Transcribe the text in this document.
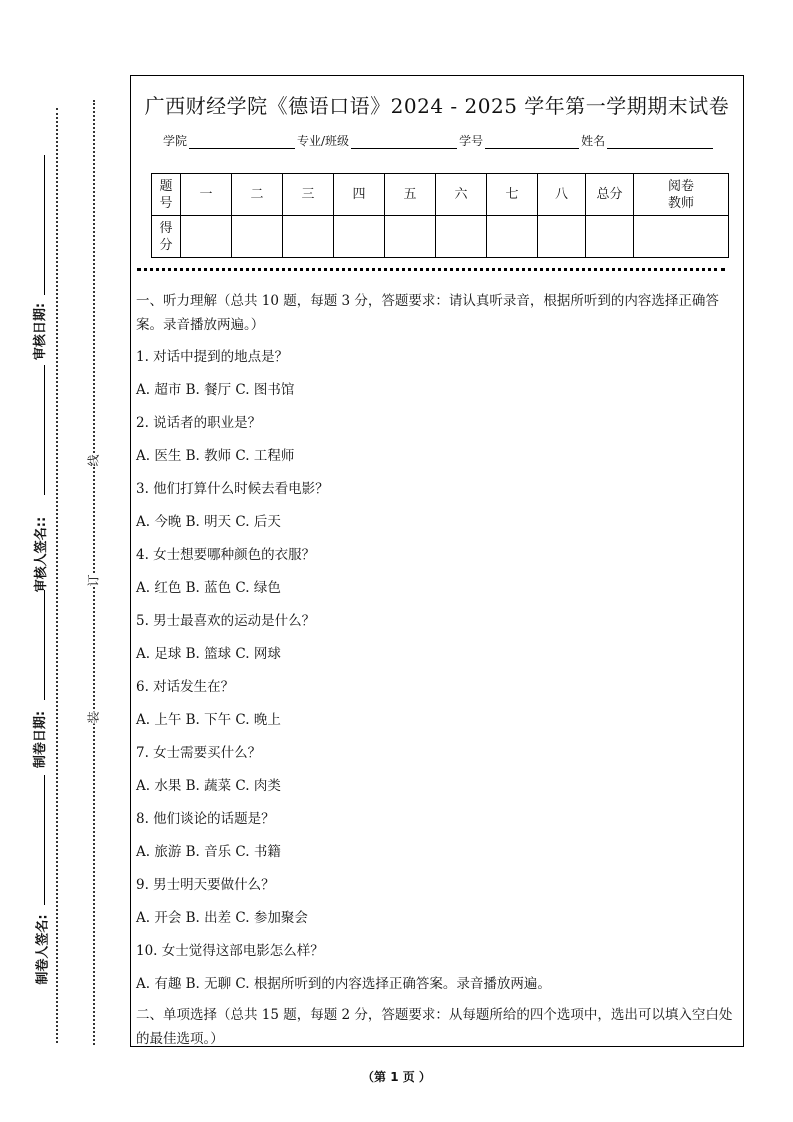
审核日期:
审核人签名::
制卷日期:
制卷人签名:
线
订
装
广西财经学院《德语口语》2024 - 2025 学年第一学期期末试卷
学院	专业/班级	学号	姓名
题
号	一	二	三	四	五	六	七	八	总分	阅卷
教师
得
分										

一、听力理解（总共 10 题，每题 3 分，答题要求：请认真听录音，根据所听到的内容选择正确答案。录音播放两遍。）

1. 对话中提到的地点是？

A. 超市 B. 餐厅 C. 图书馆

2. 说话者的职业是？

A. 医生 B. 教师 C. 工程师

3. 他们打算什么时候去看电影？

A. 今晚 B. 明天 C. 后天

4. 女士想要哪种颜色的衣服？

A. 红色 B. 蓝色 C. 绿色

5. 男士最喜欢的运动是什么？

A. 足球 B. 篮球 C. 网球

6. 对话发生在？

A. 上午 B. 下午 C. 晚上

7. 女士需要买什么？

A. 水果 B. 蔬菜 C. 肉类

8. 他们谈论的话题是？

A. 旅游 B. 音乐 C. 书籍

9. 男士明天要做什么？

A. 开会 B. 出差 C. 参加聚会

10. 女士觉得这部电影怎么样？

A. 有趣 B. 无聊 C. 根据所听到的内容选择正确答案。录音播放两遍。

二、单项选择（总共 15 题，每题 2 分，答题要求：从每题所给的四个选项中，选出可以填入空白处的最佳选项。）

（第 1 页 ）
